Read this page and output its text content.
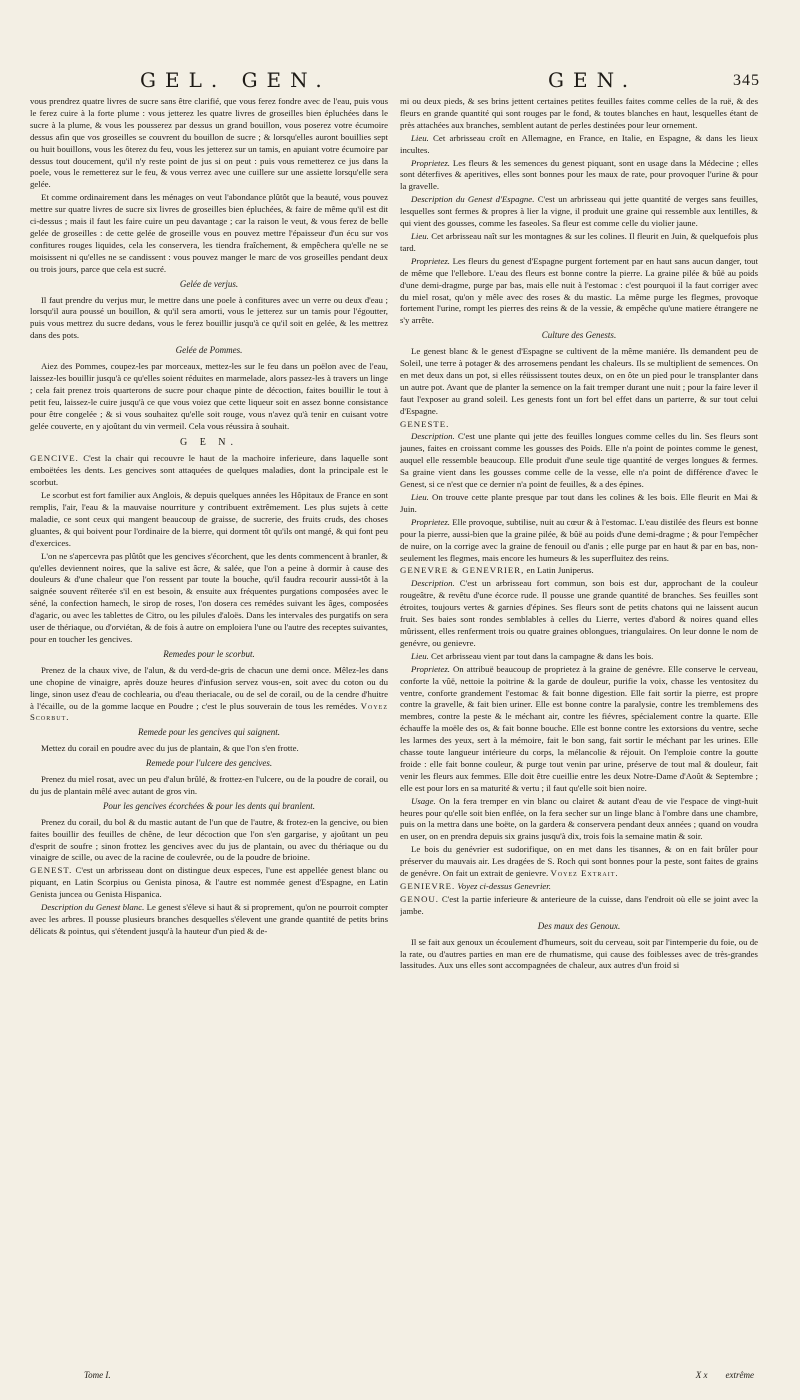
GEL. GEN.	GEN.	345

vous prendrez quatre livres de sucre sans être clarifié, que vous ferez fondre avec de l'eau, puis vous le ferez cuire à la forte plume : vous jetterez les quatre livres de groseilles bien épluchées dans le sucre à la plume, & vous les pousserez par dessus un grand bouillon, vous poserez votre écumoire dessus afin que vos groseilles se couvrent du bouillon de sucre ; & lorsqu'elles auront bouillies sept ou huit bouillons, vous les ôterez du feu, vous les jetterez sur un tamis, en apuiant votre écumoire par dessus tout doucement, qu'il n'y reste point de jus si on peut : puis vous remetterez ce jus dans la poele, vous le remetterez sur le feu, & vous verrez avec une cuillere sur une assiette lorsqu'elle sera gelée.

Et comme ordinairement dans les ménages on veut l'abondance plûtôt que la beauté, vous pouvez mettre sur quatre livres de sucre six livres de groseilles bien épluchées, & faire de même qu'il est dit ci-dessus ; mais il faut les faire cuire un peu davantage ; car la raison le veut, & vous ferez de belle gelée de groseilles : de cette gelée de groseille vous en pouvez mettre l'épaisseur d'un écu sur vos confitures rouges liquides, cela les conservera, les tiendra fraîchement, & empêchera qu'elle ne se moisissent ni qu'elles ne se candissent : vous pouvez manger le marc de vos groseilles pendant deux ou trois jours, parce que cela est sucré.

Gelée de verjus.

Il faut prendre du verjus mur, le mettre dans une poele à confitures avec un verre ou deux d'eau ; lorsqu'il aura poussé un bouillon, & qu'il sera amorti, vous le jetterez sur un tamis pour l'égoutter, puis vous mettrez du sucre dedans, vous le ferez bouillir jusqu'à ce qu'il soit en gelée, & les mettrez dans des pots.

Gelée de Pommes.

Aiez des Pommes, coupez-les par morceaux, mettez-les sur le feu dans un poëlon avec de l'eau, laissez-les bouillir jusqu'à ce qu'elles soient réduites en marmelade, alors passez-les à travers un linge ; cela fait prenez trois quarterons de sucre pour chaque pinte de décoction, faites bouillir le tout à petit feu, laissez-le cuire jusqu'à ce que vous voiez que cette liqueur soit en assez bonne consistance pour être congelée ; & si vous souhaitez qu'elle soit rouge, vous n'avez qu'à tenir en cuisant votre gelée couverte, en y ajoûtant du vin vermeil. Cela vous réussira à souhait.

G E N.

GENCIVE. C'est la chair qui recouvre le haut de la machoire inferieure, dans laquelle sont emboëtées les dents. Les gencives sont attaquées de quelques maladies, dont la principale est le scorbut.

Le scorbut est fort familier aux Anglois, & depuis quelques années les Hôpitaux de France en sont remplis, l'air, l'eau & la mauvaise nourriture y contribuent extrêmement. Les plus sujets à cette maladie, ce sont ceux qui mangent beaucoup de graisse, de sucrerie, des fruits cruds, des choses gluantes, & qui boivent pour l'ordinaire de la bierre, qui dorment tôt qu'ils ont mangé, & qui font peu d'exercices.

L'on ne s'apercevra pas plûtôt que les gencives s'écorchent, que les dents commencent à branler, & qu'elles deviennent noires, que la salive est âcre, & salée, que l'on a peine à dormir à cause des douleurs & d'une chaleur que l'on ressent par toute la bouche, qu'il faudra recourir aussi-tôt à la saignée souvent réïterée s'il en est besoin, & ensuite aux fréquentes purgations composées avec le séné, la confection hamech, le sirop de roses, l'on dosera ces remédes suivant les âges, composées d'agaric, ou avec les tablettes de Citro, ou les pilules d'aloës. Dans les intervales des purgatifs on sera user de thériaque, ou d'orviétan, & de fois à autre on emploiera l'une ou l'autre des receptes suivantes, pour en toucher les gencives.

Remedes pour le scorbut.

Prenez de la chaux vive, de l'alun, & du verd-de-gris de chacun une demi once. Mêlez-les dans une chopine de vinaigre, après douze heures d'infusion servez vous-en, soit avec du coton ou du linge, sinon usez d'eau de cochlearia, ou d'eau theriacale, ou de sel de corail, ou de la cendre d'huitre à l'écaille, ou de la gomme lacque en Poudre ; c'est le plus souverain de tous les remédes. Voyez Scorbut.

Remede pour les gencives qui saignent.

Mettez du corail en poudre avec du jus de plantain, & que l'on s'en frotte.

Remede pour l'ulcere des gencives.

Prenez du miel rosat, avec un peu d'alun brûlé, & frottez-en l'ulcere, ou de la poudre de corail, ou du jus de plantain mêlé avec autant de gros vin.

Pour les gencives écorchées & pour les dents qui branlent.

Prenez du corail, du bol & du mastic autant de l'un que de l'autre, & frotez-en la gencive, ou bien faites bouillir des feuilles de chêne, de leur décoction que l'on s'en gargarise, y ajoûtant un peu d'esprit de soufre ; sinon frottez les gencives avec du jus de plantain, ou avec du thériaque ou du vinaigre de scille, ou avec de la racine de coulevrée, ou de la poudre de brioine.

GENEST. C'est un arbrisseau dont on distingue deux especes, l'une est appellée genest blanc ou piquant, en Latin Scorpius ou Genista pinosa, & l'autre est nommée genest d'Espagne, en Latin Genista juncea ou Genista Hispanica.

Description du Genest blanc. Le genest s'éleve si haut & si proprement, qu'on ne pourroit compter avec les arbres. Il pousse plusieurs branches desquelles s'élevent une grande quantité de petits brins délicats & pointus, qui s'étendent jusqu'à la hauteur d'un pied & de-

mi ou deux pieds, & ses brins jettent certaines petites feuilles faites comme celles de la ruë, & des fleurs en grande quantité qui sont rouges par le fond, & toutes blanches en haut, lesquelles étant de près attachées aux branches, semblent autant de perles destinées pour leur ornement.

Lieu. Cet arbrisseau croît en Allemagne, en France, en Italie, en Espagne, & dans les lieux incultes.

Proprietez. Les fleurs & les semences du genest piquant, sont en usage dans la Médecine ; elles sont déterfives & aperitives, elles sont bonnes pour les maux de rate, pour provoquer l'urine & pour la gravelle.

Description du Genest d'Espagne. C'est un arbrisseau qui jette quantité de verges sans feuilles, lesquelles sont fermes & propres à lier la vigne, il produit une graine qui ressemble aux lentilles, & qui vient des gousses, comme les faseoles. Sa fleur est comme celle du violier jaune.

Lieu. Cet arbrisseau naît sur les montagnes & sur les colines. Il fleurit en Juin, & quelquefois plus tard.

Proprietez. Les fleurs du genest d'Espagne purgent fortement par en haut sans aucun danger, tout de même que l'ellebore. L'eau des fleurs est bonne contre la pierre. La graine pilée & bûë au poids d'une demi-dragme, purge par bas, mais elle nuit à l'estomac : c'est pourquoi il la faut corriger avec du miel rosat, qu'on y mêle avec des roses & du mastic. La même purge les flegmes, provoque fortement l'urine, rompt les pierres des reins & de la vessie, & empêche qu'une matiere étrangere ne s'y arrête.

Culture des Genests.

Le genest blanc & le genest d'Espagne se cultivent de la même maniére. Ils demandent peu de Soleil, une terre à potager & des arrosemens pendant les chaleurs. Ils se multiplient de semences. On en met deux dans un pot, si elles réüssissent toutes deux, on en ôte un pied pour le transplanter dans un autre pot. Avant que de planter la semence on la fait tremper durant une nuit ; pour la faire lever il faut l'exposer au grand soleil. Les genests font un fort bel effet dans un parterre, & sur tout celui d'Espagne.

GENESTE.

Description. C'est une plante qui jette des feuilles longues comme celles du lin. Ses fleurs sont jaunes, faites en croissant comme les gousses des Poids. Elle n'a point de pointes comme le genest, auquel elle ressemble beaucoup. Elle produit d'une seule tige quantité de verges longues & fermes. Sa graine vient dans les gousses comme celle de la vesse, elle n'a point de différence d'avec le Genest, si ce n'est que ce dernier n'a point de feuilles, & a des épines.

Lieu. On trouve cette plante presque par tout dans les colines & les bois. Elle fleurit en Mai & Juin.

Proprietez. Elle provoque, subtilise, nuit au cœur & à l'estomac. L'eau distilée des fleurs est bonne pour la pierre, aussi-bien que la graine pilée, & bûë au poids d'une demi-dragme ; & pour l'empêcher de nuire, on la corrige avec la graine de fenouil ou d'anis ; elle purge par en haut & par en bas, non-seulement les flegmes, mais encore les humeurs & les superfluitez des reins.

GENEVRE & GENEVRIER, en Latin Juniperus.

Description. C'est un arbrisseau fort commun, son bois est dur, approchant de la couleur rougeâtre, & revêtu d'une écorce rude. Il pousse une grande quantité de branches. Ses feuilles sont étroites, toujours vertes & garnies d'épines. Ses fleurs sont de petits chatons qui ne laissent aucun fruit. Ses baies sont rondes semblables à celles du Lierre, vertes d'abord & noires quand elles mûrissent, elles renferment trois ou quatre graines oblongues, triangulaires. On leur donne le nom de genévre, ou genievre.

Lieu. Cet arbrisseau vient par tout dans la campagne & dans les bois.

Proprietez. On attribuë beaucoup de proprietez à la graine de genévre. Elle conserve le cerveau, conforte la vûë, nettoie la poitrine & la garde de douleur, purifie la voix, chasse les ventositez du ventre, conforte grandement l'estomac & fait bonne digestion. Elle fait sortir la pierre, est propre contre la gravelle, & fait bien uriner. Elle est bonne contre la paralysie, contre les tremblemens des membres, contre la peste & le méchant air, contre les fiévres, spécialement contre la quarte. Elle échauffe la moële des os, & fait bonne bouche. Elle est bonne contre les extorsions du ventre, seche les larmes des yeux, sert à la mémoire, fait le bon sang, fait sortir le méchant par les urines. Elle chasse toute langueur intérieure du corps, la mélancolie & réjouit. On l'emploie contre la goutte froide : elle fait bonne couleur, & purge tout venin par urine, préserve de tout mal & douleur, fait venir les fleurs aux femmes. Elle doit être cueillie entre les deux Notre-Dame d'Août & Septembre ; elle est pour lors en sa maturité & vertu ; il faut qu'elle soit bien noire.

Usage. On la fera tremper en vin blanc ou clairet & autant d'eau de vie l'espace de vingt-huit heures pour qu'elle soit bien enflée, on la fera secher sur un linge blanc à l'ombre dans une chambre, puis on la mettra dans une boëte, on la gardera & conservera pendant deux années ; quand on voudra en user, on en prendra depuis six grains jusqu'à dix, trois fois la semaine matin & soir.

Le bois du genévrier est sudorifique, on en met dans les tisannes, & on en fait brûler pour préserver du mauvais air. Les dragées de S. Roch qui sont bonnes pour la peste, sont faites de grains de genévre. On fait un extrait de genievre. Voyez Extrait.

GENIEVRE. Voyez ci-dessus Genevrier.

GENOU. C'est la partie inferieure & anterieure de la cuisse, dans l'endroit où elle se joint avec la jambe.

Des maux des Genoux.

Il se fait aux genoux un écoulement d'humeurs, soit du cerveau, soit par l'intemperie du foie, ou de la rate, ou d'autres parties en man ere de rhumatisme, qui cause des foiblesses avec de très-grandes lassitudes. Aux uns elles sont accompagnées de chaleur, aux autres d'un froid si

Tome I.	X x extrême
